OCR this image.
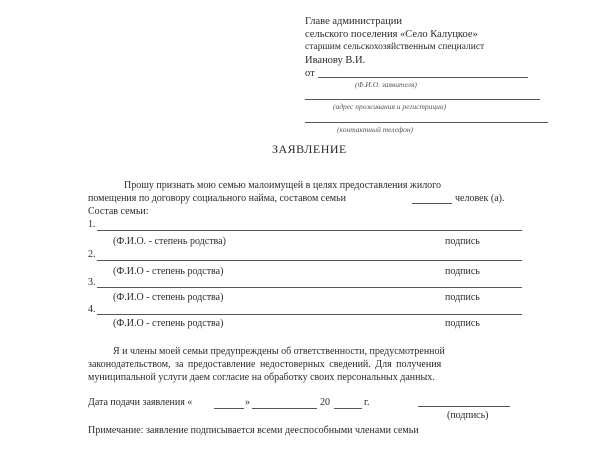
Главе администрации
сельского поселения «Село Калуцкое»
старшим сельскохозяйственным специалист
Иванову В.И.
от
(Ф.И.О. заявителя)
(адрес проживания и регистрации)
(контактный телефон)
ЗАЯВЛЕНИЕ
Прошу признать мою семью малоимущей в целях предоставления жилого
помещения по договору социального найма, составом семьи	человек (а).
Состав семьи:
1.
(Ф.И.О. - степень родства)	подпись
2.
(Ф.И.О - степень родства)	подпись
3.
(Ф.И.О - степень родства)	подпись
4.
(Ф.И.О - степень родства)	подпись
Я и члены моей семьи предупреждены об ответственности, предусмотренной
законодательством, за предоставление недостоверных сведений. Для получения
муниципальной услуги даем согласие на обработку своих персональных данных.
Дата подачи заявления «	»	20	г.
(подпись)
Примечание: заявление подписывается всеми дееспособными членами семьи
